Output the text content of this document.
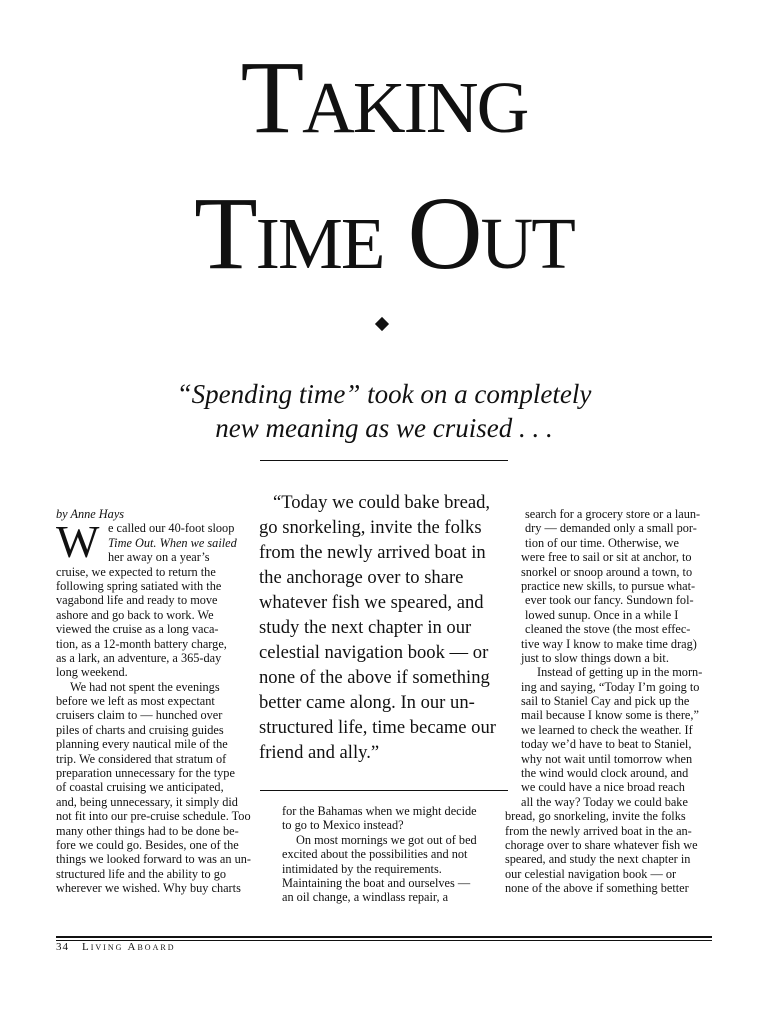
Taking
Time Out
“Spending time” took on a completely
new meaning as we cruised . . .
by Anne Hays
W e called our 40-foot sloop
Time Out. When we sailed
her away on a year’s
cruise, we expected to return the
following spring satiated with the
vagabond life and ready to move
ashore and go back to work. We
viewed the cruise as a long vaca-
tion, as a 12-month battery charge,
as a lark, an adventure, a 365-day
long weekend.
We had not spent the evenings
before we left as most expectant
cruisers claim to — hunched over
piles of charts and cruising guides
planning every nautical mile of the
trip. We considered that stratum of
preparation unnecessary for the type
of coastal cruising we anticipated,
and, being unnecessary, it simply did
not fit into our pre-cruise schedule. Too
many other things had to be done be-
fore we could go. Besides, one of the
things we looked forward to was an un-
structured life and the ability to go
wherever we wished. Why buy charts
“Today we could bake bread,
go snorkeling, invite the folks
from the newly arrived boat in
the anchorage over to share
whatever fish we speared, and
study the next chapter in our
celestial navigation book — or
none of the above if something
better came along. In our un-
structured life, time became our
friend and ally.”
for the Bahamas when we might decide
to go to Mexico instead?
On most mornings we got out of bed
excited about the possibilities and not
intimidated by the requirements.
Maintaining the boat and ourselves —
an oil change, a windlass repair, a
search for a grocery store or a laun-
dry — demanded only a small por-
tion of our time. Otherwise, we
were free to sail or sit at anchor, to
snorkel or snoop around a town, to
practice new skills, to pursue what-
ever took our fancy. Sundown fol-
lowed sunup. Once in a while I
cleaned the stove (the most effec-
tive way I know to make time drag)
just to slow things down a bit.
Instead of getting up in the morn-
ing and saying, “Today I’m going to
sail to Staniel Cay and pick up the
mail because I know some is there,”
we learned to check the weather. If
today we’d have to beat to Staniel,
why not wait until tomorrow when
the wind would clock around, and
we could have a nice broad reach
all the way? Today we could bake
bread, go snorkeling, invite the folks
from the newly arrived boat in the an-
chorage over to share whatever fish we
speared, and study the next chapter in
our celestial navigation book — or
none of the above if something better
34 Living Aboard
